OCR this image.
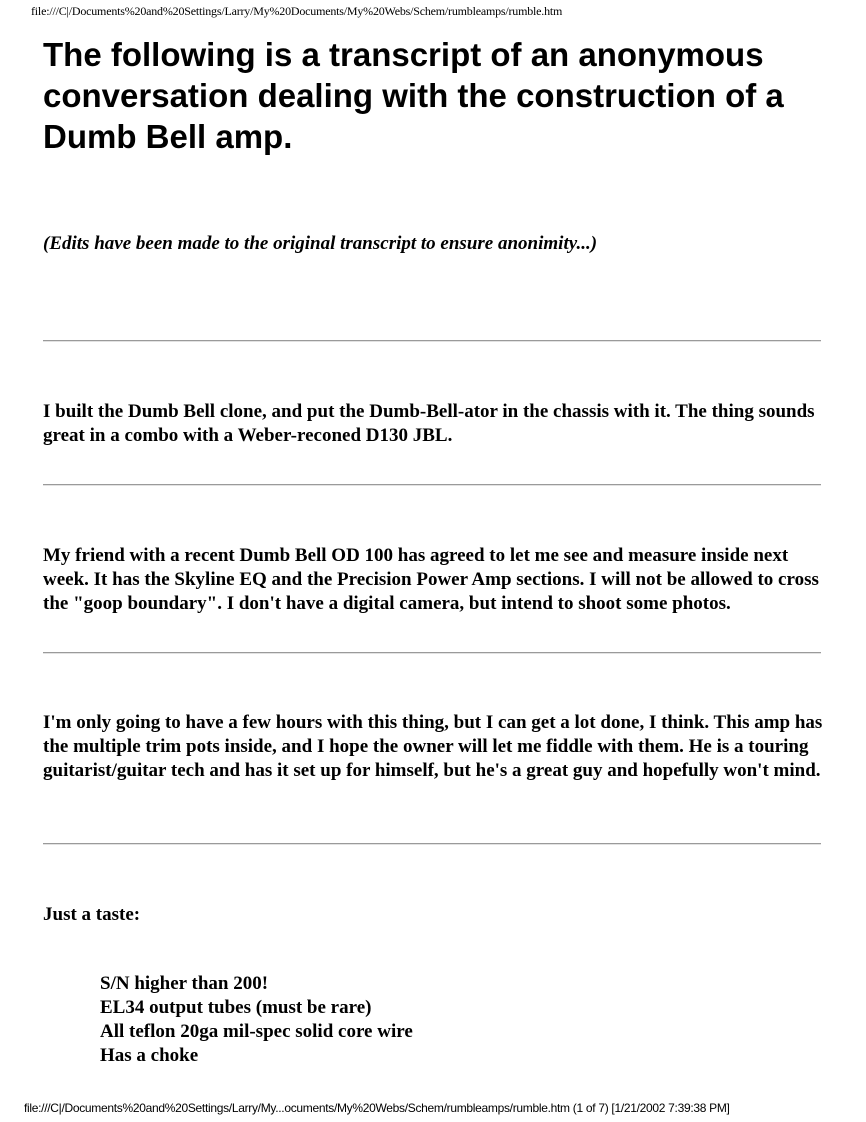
file:///C|/Documents%20and%20Settings/Larry/My%20Documents/My%20Webs/Schem/rumbleamps/rumble.htm
The following is a transcript of an anonymous conversation dealing with the construction of a Dumb Bell amp.
(Edits have been made to the original transcript to ensure anonimity...)

I built the Dumb Bell clone, and put the Dumb-Bell-ator in the chassis with it. The thing sounds great in a combo with a Weber-reconed D130 JBL.

My friend with a recent Dumb Bell OD 100 has agreed to let me see and measure inside next week. It has the Skyline EQ and the Precision Power Amp sections. I will not be allowed to cross the "goop boundary". I don't have a digital camera, but intend to shoot some photos.

I'm only going to have a few hours with this thing, but I can get a lot done, I think. This amp has the multiple trim pots inside, and I hope the owner will let me fiddle with them. He is a touring guitarist/guitar tech and has it set up for himself, but he's a great guy and hopefully won't mind.

Just a taste:

S/N higher than 200!
EL34 output tubes (must be rare)
All teflon 20ga mil-spec solid core wire
Has a choke
file:///C|/Documents%20and%20Settings/Larry/My...ocuments/My%20Webs/Schem/rumbleamps/rumble.htm (1 of 7) [1/21/2002 7:39:38 PM]
